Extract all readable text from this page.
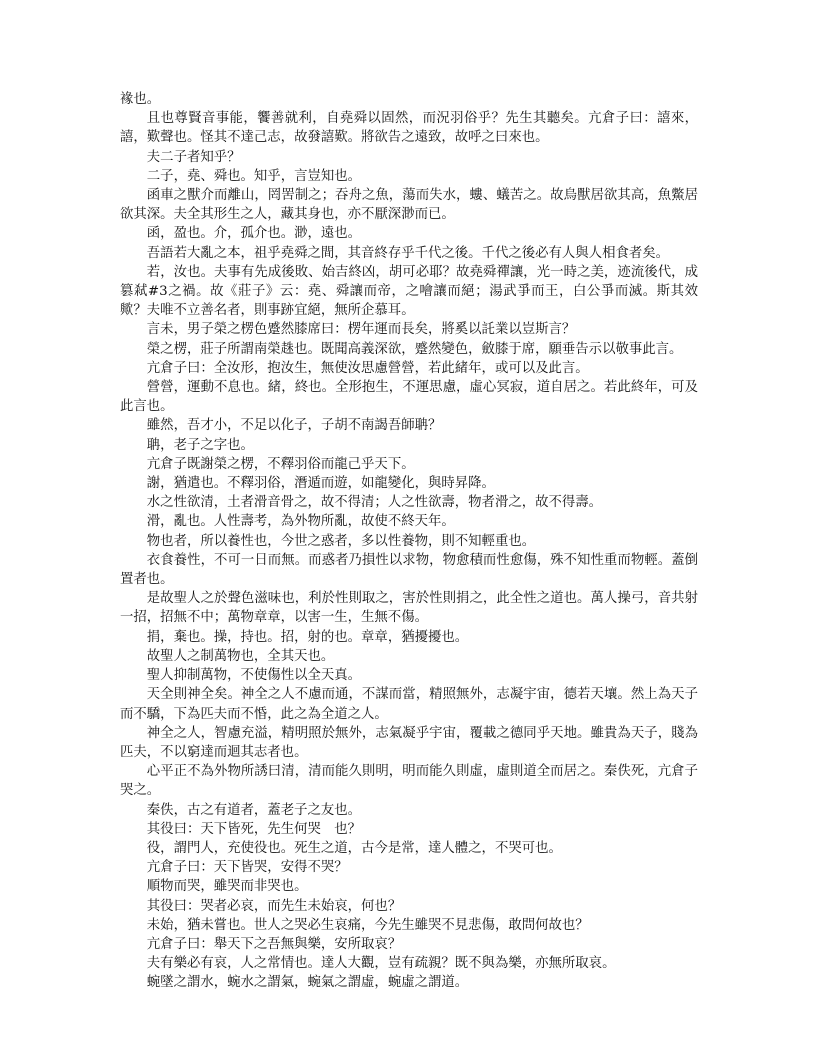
褖也。

且也尊賢音事能，饗善就利，自堯舜以固然，而況羽俗乎？先生其聽矣。亢倉子曰：譆來，譆，歎聲也。怪其不達己志，故發譆歎。將欲告之遠致，故呼之曰來也。

夫二子者知乎？

二子，堯、舜也。知乎，言豈知也。

函車之獸介而離山，罔罟制之；吞舟之魚，蕩而失水，螻、蟻苦之。故烏獸居欲其高，魚鱉居欲其深。夫全其形生之人，藏其身也，亦不厭深渺而已。

函，盈也。介，孤介也。渺，遠也。

吾語若大亂之本，祖乎堯舜之間，其音終存乎千代之後。千代之後必有人與人相食者矣。

若，汝也。夫事有先成後敗、始吉終凶，胡可必耶？故堯舜禪讓，光一時之美，迹流後代，成篡弒#3之禍。故《莊子》云：堯、舜讓而帝，之噲讓而絕；湯武爭而王，白公爭而滅。斯其效歟？夫唯不立善名者，則事跡宜絕，無所企慕耳。

言未，男子榮之楞色蹙然膝席曰：楞年運而長矣，將奚以託業以豈斯言？

榮之楞，莊子所謂南榮趎也。既聞高義深欲，蹙然變色，斂膝于席，願垂告示以敬事此言。

亢倉子曰：全汝形，抱汝生，無使汝思慮營營，若此緒年，或可以及此言。

營營，運動不息也。緒，終也。全形抱生，不運思慮，虛心冥寂，道自居之。若此終年，可及此言也。

雖然，吾才小，不足以化子，子胡不南謁吾師聃？

聃，老子之字也。

亢倉子既謝榮之楞，不釋羽俗而龍己乎天下。

謝，猶遣也。不釋羽俗，潛遁而遊，如龍變化，與時昇降。

水之性欲清，土者滑音骨之，故不得清；人之性欲壽，物者滑之，故不得壽。

滑，亂也。人性壽考，為外物所亂，故使不終天年。

物也者，所以養性也，今世之惑者，多以性養物，則不知輕重也。

衣食養性，不可一日而無。而惑者乃損性以求物，物愈積而性愈傷，殊不知性重而物輕。蓋倒置者也。

是故聖人之於聲色滋味也，利於性則取之，害於性則捐之，此全性之道也。萬人操弓，音共射一招，招無不中；萬物章章，以害一生，生無不傷。

捐，棄也。操，持也。招，射的也。章章，猶擾擾也。

故聖人之制萬物也，全其天也。

聖人抑制萬物，不使傷性以全天真。

天全則神全矣。神全之人不慮而通，不謀而當，精照無外，志凝宇宙，德若天壤。然上為天子而不驕，下為匹夫而不惛，此之為全道之人。

神全之人，智慮充溢，精明照於無外，志氣凝乎宇宙，覆載之德同乎天地。雖貴為天子，賤為匹夫，不以窮達而迴其志者也。

心平正不為外物所誘曰清，清而能久則明，明而能久則虛，虛則道全而居之。秦佚死，亢倉子哭之。

秦佚，古之有道者，蓋老子之友也。

其役曰：天下皆死，先生何哭　也？

役，謂門人，充使役也。死生之道，古今是常，達人體之，不哭可也。

亢倉子曰：天下皆哭，安得不哭？

順物而哭，雖哭而非哭也。

其役曰：哭者必哀，而先生未始哀，何也？

未始，猶未嘗也。世人之哭必生哀痛，今先生雖哭不見悲傷，敢問何故也？

亢倉子曰：舉天下之吾無與樂，安所取哀？

夫有樂必有哀，人之常情也。達人大觀，豈有疏親？既不與為樂，亦無所取哀。

蜿墜之謂水，蜿水之謂氣，蜿氣之謂虛，蜿虛之謂道。
